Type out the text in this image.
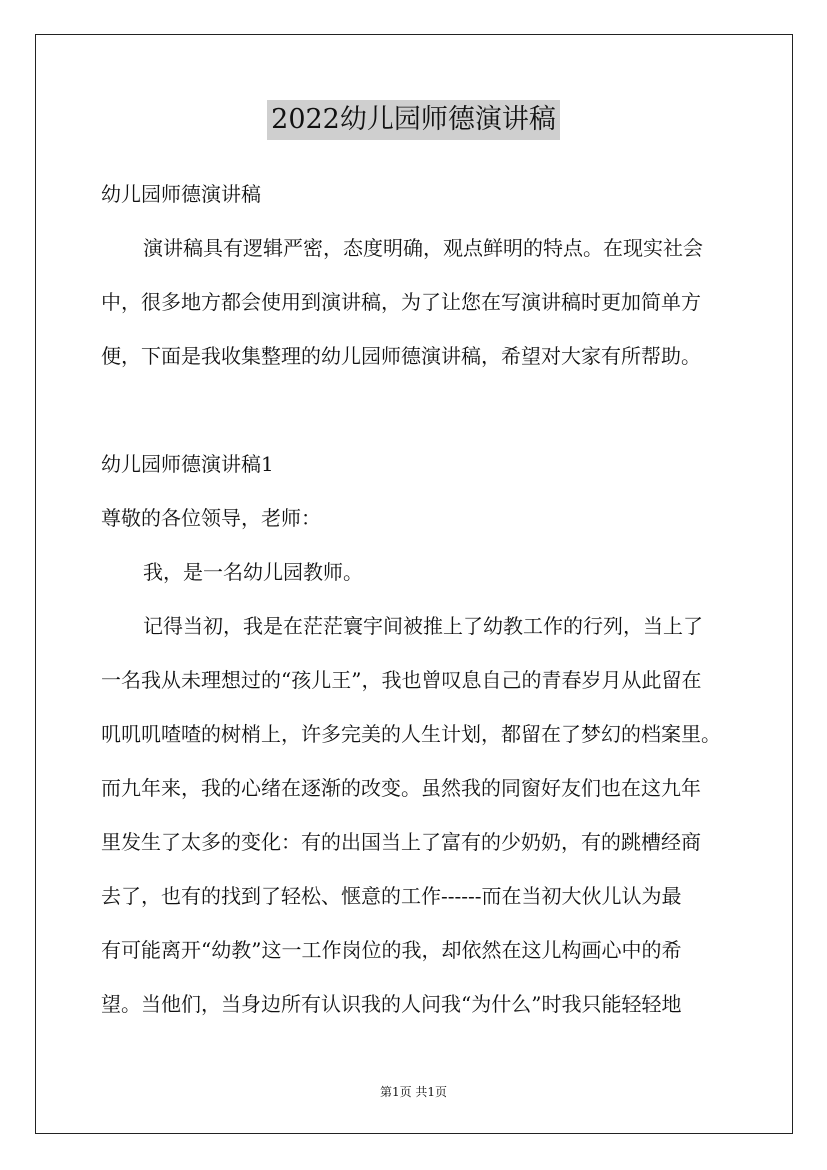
2022幼儿园师德演讲稿
幼儿园师德演讲稿
演讲稿具有逻辑严密，态度明确，观点鲜明的特点。在现实社会
中，很多地方都会使用到演讲稿，为了让您在写演讲稿时更加简单方
便，下面是我收集整理的幼儿园师德演讲稿，希望对大家有所帮助。
幼儿园师德演讲稿1
尊敬的各位领导，老师：
我，是一名幼儿园教师。
记得当初，我是在茫茫寰宇间被推上了幼教工作的行列，当上了
一名我从未理想过的“孩儿王”，我也曾叹息自己的青春岁月从此留在
叽叽叽喳喳的树梢上，许多完美的人生计划，都留在了梦幻的档案里。
而九年来，我的心绪在逐渐的改变。虽然我的同窗好友们也在这九年
里发生了太多的变化：有的出国当上了富有的少奶奶，有的跳槽经商
去了，也有的找到了轻松、惬意的工作------而在当初大伙儿认为最
有可能离开“幼教”这一工作岗位的我，却依然在这儿构画心中的希
望。当他们，当身边所有认识我的人问我“为什么”时我只能轻轻地
第1页 共1页
